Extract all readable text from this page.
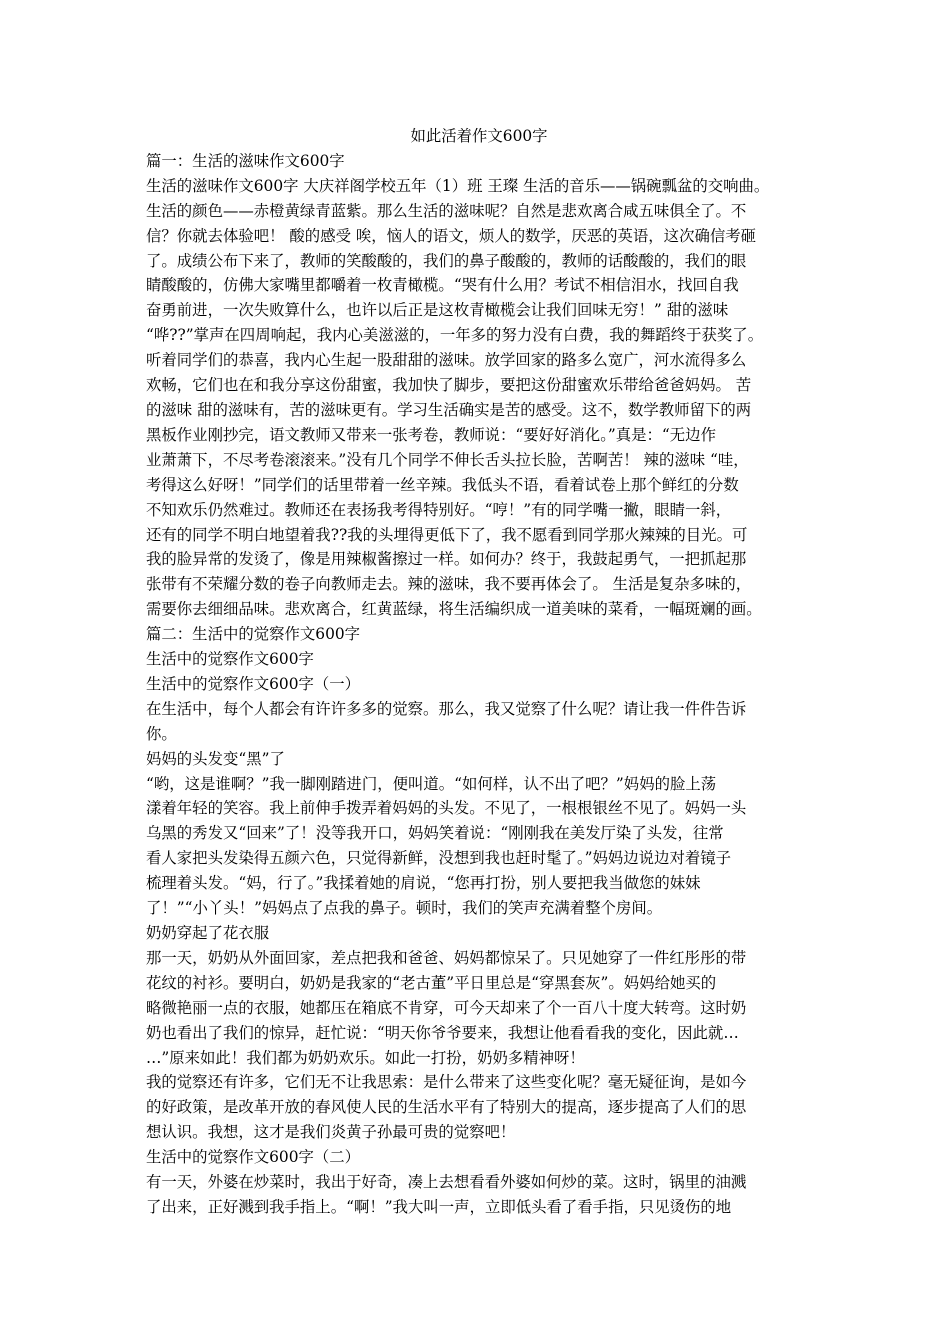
如此活着作文600字
篇一：生活的滋味作文600字
生活的滋味作文600字 大庆祥阁学校五年（1）班 王璨 生活的音乐——锅碗瓢盆的交响曲。
生活的颜色——赤橙黄绿青蓝紫。那么生活的滋味呢？自然是悲欢离合咸五味俱全了。不
信？你就去体验吧！ 酸的感受 唉，恼人的语文，烦人的数学，厌恶的英语，这次确信考砸
了。成绩公布下来了，教师的笑酸酸的，我们的鼻子酸酸的，教师的话酸酸的，我们的眼
睛酸酸的，仿佛大家嘴里都嚼着一枚青橄榄。“哭有什么用？考试不相信泪水，找回自我
奋勇前进，一次失败算什么，也许以后正是这枚青橄榄会让我们回味无穷！” 甜的滋味
“哗??”掌声在四周响起，我内心美滋滋的，一年多的努力没有白费，我的舞蹈终于获奖了。
听着同学们的恭喜，我内心生起一股甜甜的滋味。放学回家的路多么宽广，河水流得多么
欢畅，它们也在和我分享这份甜蜜，我加快了脚步，要把这份甜蜜欢乐带给爸爸妈妈。 苦
的滋味 甜的滋味有，苦的滋味更有。学习生活确实是苦的感受。这不，数学教师留下的两
黑板作业刚抄完，语文教师又带来一张考卷，教师说：“要好好消化。”真是：“无边作
业萧萧下，不尽考卷滚滚来。”没有几个同学不伸长舌头拉长脸，苦啊苦！ 辣的滋味 “哇，
考得这么好呀！”同学们的话里带着一丝辛辣。我低头不语，看着试卷上那个鲜红的分数
不知欢乐仍然难过。教师还在表扬我考得特别好。“哼！”有的同学嘴一撇，眼睛一斜，
还有的同学不明白地望着我??我的头埋得更低下了，我不愿看到同学那火辣辣的目光。可
我的脸异常的发烫了，像是用辣椒酱擦过一样。如何办？终于，我鼓起勇气，一把抓起那
张带有不荣耀分数的卷子向教师走去。辣的滋味，我不要再体会了。 生活是复杂多味的，
需要你去细细品味。悲欢离合，红黄蓝绿，将生活编织成一道美味的菜肴，一幅斑斓的画。
篇二：生活中的觉察作文600字
生活中的觉察作文600字
生活中的觉察作文600字（一）
在生活中，每个人都会有许许多多的觉察。那么，我又觉察了什么呢？请让我一件件告诉
你。
妈妈的头发变“黑”了
“哟，这是谁啊？”我一脚刚踏进门，便叫道。“如何样，认不出了吧？”妈妈的脸上荡
漾着年轻的笑容。我上前伸手拨弄着妈妈的头发。不见了，一根根银丝不见了。妈妈一头
乌黑的秀发又“回来”了！没等我开口，妈妈笑着说：“刚刚我在美发厅染了头发，往常
看人家把头发染得五颜六色，只觉得新鲜，没想到我也赶时髦了。”妈妈边说边对着镜子
梳理着头发。“妈，行了。”我揉着她的肩说，“您再打扮，别人要把我当做您的妹妹
了！”“小丫头！”妈妈点了点我的鼻子。顿时，我们的笑声充满着整个房间。
奶奶穿起了花衣服
那一天，奶奶从外面回家，差点把我和爸爸、妈妈都惊呆了。只见她穿了一件红彤彤的带
花纹的衬衫。要明白，奶奶是我家的“老古董”平日里总是“穿黑套灰”。妈妈给她买的
略微艳丽一点的衣服，她都压在箱底不肯穿，可今天却来了个一百八十度大转弯。这时奶
奶也看出了我们的惊异，赶忙说：“明天你爷爷要来，我想让他看看我的变化，因此就…
…”原来如此！我们都为奶奶欢乐。如此一打扮，奶奶多精神呀！
我的觉察还有许多，它们无不让我思索：是什么带来了这些变化呢？毫无疑征询，是如今
的好政策，是改革开放的春风使人民的生活水平有了特别大的提高，逐步提高了人们的思
想认识。我想，这才是我们炎黄子孙最可贵的觉察吧！
生活中的觉察作文600字（二）
有一天，外婆在炒菜时，我出于好奇，凑上去想看看外婆如何炒的菜。这时，锅里的油溅
了出来，正好溅到我手指上。“啊！”我大叫一声，立即低头看了看手指，只见烫伤的地
